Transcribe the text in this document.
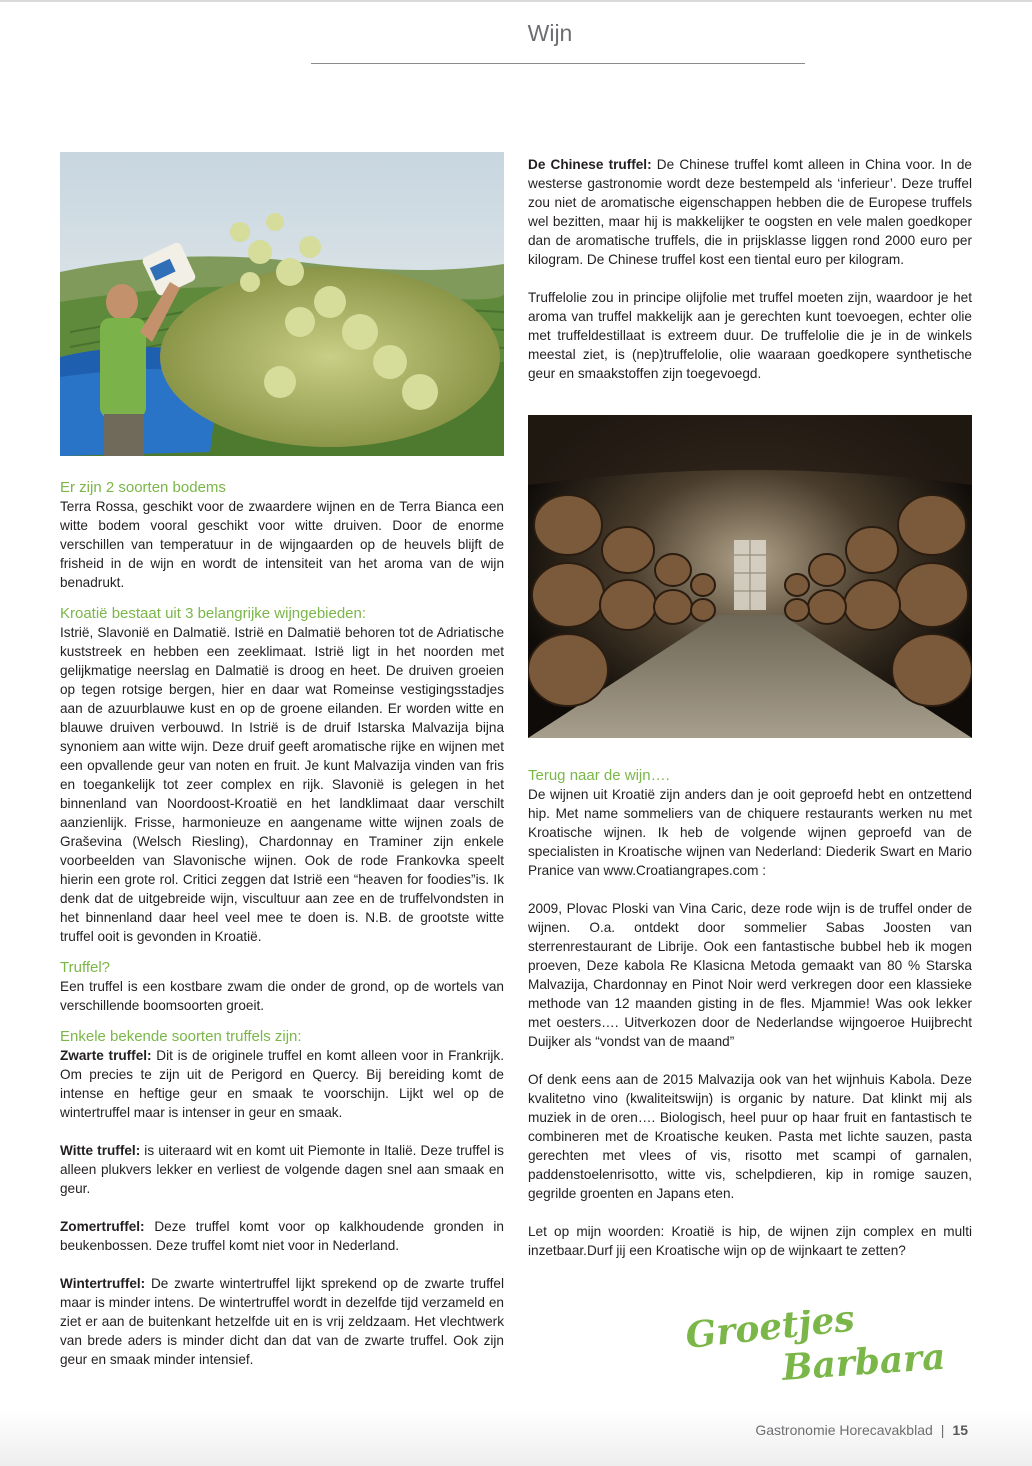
Wijn

Er zijn 2 soorten bodems

Terra Rossa, geschikt voor de zwaardere wijnen en de Terra Bianca een witte bodem vooral geschikt voor witte druiven. Door de enorme verschillen van temperatuur in de wijngaarden op de heuvels blijft de frisheid in de wijn en wordt de intensiteit van het aroma van de wijn benadrukt.

Kroatië bestaat uit 3 belangrijke wijngebieden:

Istrië, Slavonië en Dalmatië. Istrië en Dalmatië behoren tot de Adriatische kuststreek en hebben een zeeklimaat. Istrië ligt in het noorden met gelijkmatige neerslag en Dalmatië is droog en heet. De druiven groeien op tegen rotsige bergen, hier en daar wat Romeinse vestigingsstadjes aan de azuurblauwe kust en op de groene eilanden. Er worden witte en blauwe druiven verbouwd. In Istrië is de druif Istarska Malvazija bijna synoniem aan witte wijn. Deze druif geeft aromatische rijke en wijnen met een opvallende geur van noten en fruit. Je kunt Malvazija vinden van fris en toegankelijk tot zeer complex en rijk. Slavonië is gelegen in het binnenland van Noordoost-Kroatië en het landklimaat daar verschilt aanzienlijk. Frisse, harmonieuze en aangename witte wijnen zoals de Graševina (Welsch Riesling), Chardonnay en Traminer zijn enkele voorbeelden van Slavonische wijnen. Ook de rode Frankovka speelt hierin een grote rol. Critici zeggen dat Istrië een “heaven for foodies”is. Ik denk dat de uitgebreide wijn, viscultuur aan zee en de truffelvondsten in het binnenland daar heel veel mee te doen is. N.B. de grootste witte truffel ooit is gevonden in Kroatië.

Truffel?

Een truffel is een kostbare zwam die onder de grond, op de wortels van verschillende boomsoorten groeit.

Enkele bekende soorten truffels zijn:

Zwarte truffel: Dit is de originele truffel en komt alleen voor in Frankrijk. Om precies te zijn uit de Perigord en Quercy. Bij bereiding komt de intense en heftige geur en smaak te voorschijn. Lijkt wel op de wintertruffel maar is intenser in geur en smaak.

Witte truffel: is uiteraard wit en komt uit Piemonte in Italië. Deze truffel is alleen plukvers lekker en verliest de volgende dagen snel aan smaak en geur.

Zomertruffel: Deze truffel komt voor op kalkhoudende gronden in beukenbossen. Deze truffel komt niet voor in Nederland.

Wintertruffel: De zwarte wintertruffel lijkt sprekend op de zwarte truffel maar is minder intens. De wintertruffel wordt in dezelfde tijd verzameld en ziet er aan de buitenkant hetzelfde uit en is vrij zeldzaam. Het vlechtwerk van brede aders is minder dicht dan dat van de zwarte truffel. Ook zijn geur en smaak minder intensief.

De Chinese truffel: De Chinese truffel komt alleen in China voor. In de westerse gastronomie wordt deze bestempeld als ‘inferieur’. Deze truffel zou niet de aromatische eigenschappen hebben die de Europese truffels wel bezitten, maar hij is makkelijker te oogsten en vele malen goedkoper dan de aromatische truffels, die in prijsklasse liggen rond 2000 euro per kilogram. De Chinese truffel kost een tiental euro per kilogram.

Truffelolie zou in principe olijfolie met truffel moeten zijn, waardoor je het aroma van truffel makkelijk aan je gerechten kunt toevoegen, echter olie met truffeldestillaat is extreem duur. De truffelolie die je in de winkels meestal ziet, is (nep)truffelolie, olie waaraan goedkopere synthetische geur en smaakstoffen zijn toegevoegd.

Terug naar de wijn….

De wijnen uit Kroatië zijn anders dan je ooit geproefd hebt en ontzettend hip. Met name sommeliers van de chiquere restaurants werken nu met Kroatische wijnen. Ik heb de volgende wijnen geproefd van de specialisten in Kroatische wijnen van Nederland: Diederik Swart en Mario Pranice van www.Croatiangrapes.com :

2009, Plovac Ploski van Vina Caric, deze rode wijn is de truffel onder de wijnen. O.a. ontdekt door sommelier Sabas Joosten van sterrenrestaurant de Librije. Ook een fantastische bubbel heb ik mogen proeven, Deze kabola Re Klasicna Metoda gemaakt van 80 % Starska Malvazija, Chardonnay en Pinot Noir werd verkregen door een klassieke methode van 12 maanden gisting in de fles. Mjammie! Was ook lekker met oesters…. Uitverkozen door de Nederlandse wijngoeroe Huijbrecht Duijker als “vondst van de maand”

Of denk eens aan de 2015 Malvazija ook van het wijnhuis Kabola. Deze kvalitetno vino (kwaliteitswijn) is organic by nature. Dat klinkt mij als muziek in de oren…. Biologisch, heel puur op haar fruit en fantastisch te combineren met de Kroatische keuken. Pasta met lichte sauzen, pasta gerechten met vlees of vis, risotto met scampi of garnalen, paddenstoelenrisotto, witte vis, schelpdieren, kip in romige sauzen, gegrilde groenten en Japans eten.

Let op mijn woorden: Kroatië is hip, de wijnen zijn complex en multi inzetbaar.Durf jij een Kroatische wijn op de wijnkaart te zetten?

Groetjes
Barbara
Gastronomie Horecavakblad | 15
